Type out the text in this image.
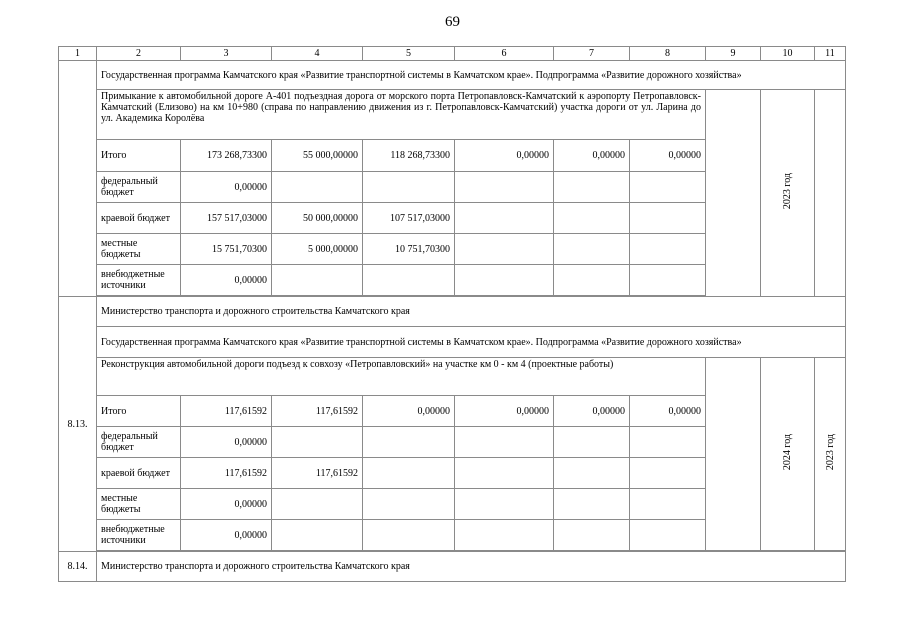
69
1	2	3	4	5	6	7	8	9	10	11
	Государственная программа Камчатского края «Развитие транспортной системы в Камчатском крае». Подпрограмма «Развитие дорожного хозяйства»									
	Примыкание к автомобильной дороге А-401 подъездная дорога от морского порта Петропавловск-Камчатский к аэропорту Петропавловск-Камчатский (Елизово) на км 10+980 (справа по направлению движения из г. Петропавловск-Камчатский) участка дороги от ул. Ларина до ул. Академика Королёва								2023 год	
	Итого	173 268,73300	55 000,00000	118 268,73300	0,00000	0,00000	0,00000			
	федеральный бюджет	0,00000								
	краевой бюджет	157 517,03000	50 000,00000	107 517,03000						
	местные бюджеты	15 751,70300	5 000,00000	10 751,70300						
	внебюджетные источники	0,00000								

8.13.	Министерство транспорта и дорожного строительства Камчатского края									
	Государственная программа Камчатского края «Развитие транспортной системы в Камчатском крае». Подпрограмма «Развитие дорожного хозяйства»									
	Реконструкция автомобильной дороги подъезд к совхозу «Петропавловский» на участке км 0 - км 4 (проектные работы)								2024 год	2023 год
	Итого	117,61592	117,61592	0,00000	0,00000	0,00000	0,00000			
	федеральный бюджет	0,00000								
	краевой бюджет	117,61592	117,61592							
	местные бюджеты	0,00000								
	внебюджетные источники	0,00000								

8.14.	Министерство транспорта и дорожного строительства Камчатского края									
